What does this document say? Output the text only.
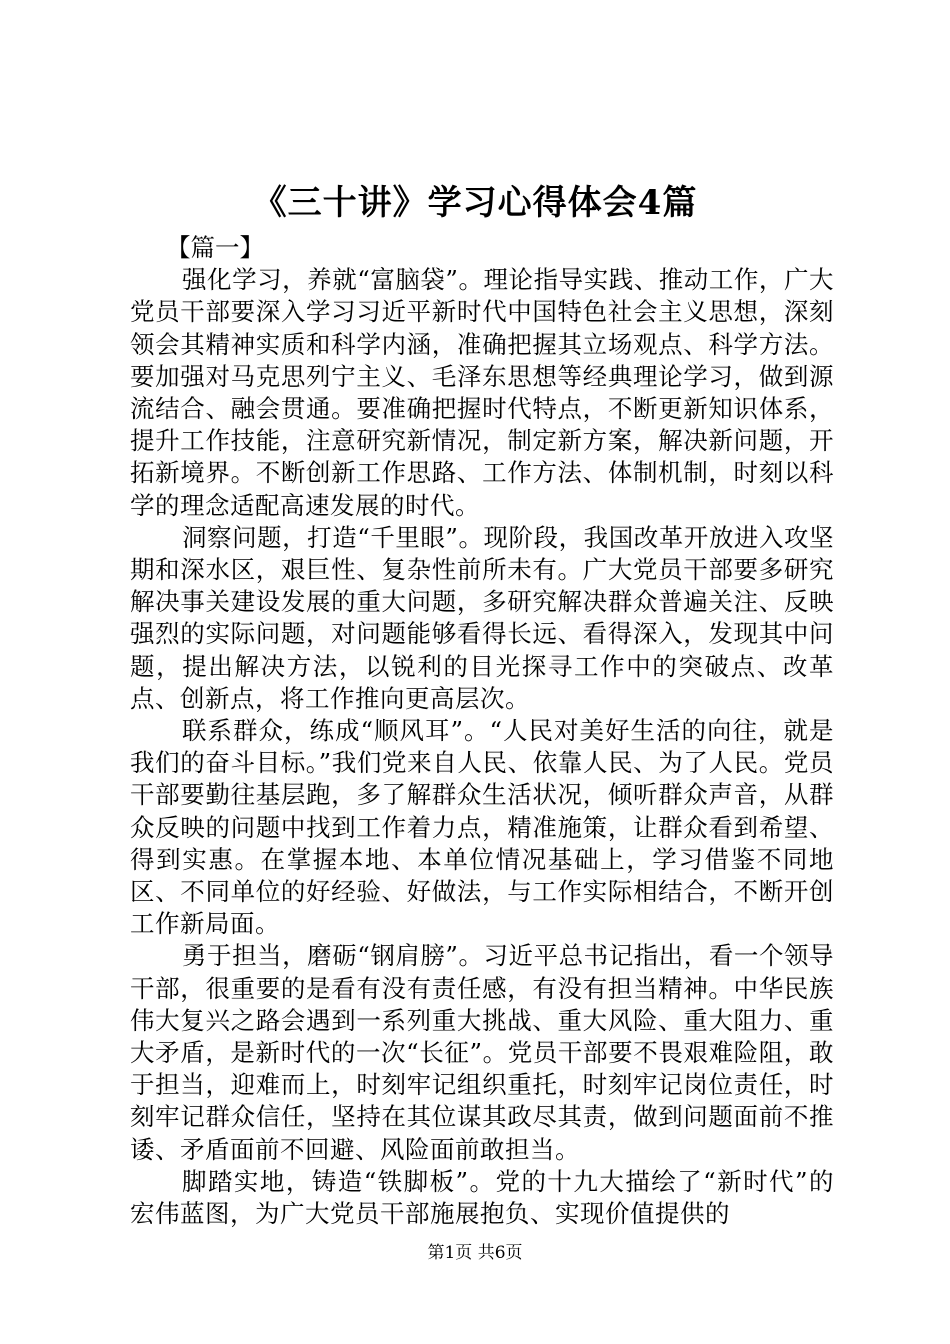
《三十讲》学习心得体会4篇

【篇一】

强化学习，养就“富脑袋”。理论指导实践、推动工作，广大党员干部要深入学习习近平新时代中国特色社会主义思想，深刻领会其精神实质和科学内涵，准确把握其立场观点、科学方法。要加强对马克思列宁主义、毛泽东思想等经典理论学习，做到源流结合、融会贯通。要准确把握时代特点，不断更新知识体系，提升工作技能，注意研究新情况，制定新方案，解决新问题，开拓新境界。不断创新工作思路、工作方法、体制机制，时刻以科学的理念适配高速发展的时代。

洞察问题，打造“千里眼”。现阶段，我国改革开放进入攻坚期和深水区，艰巨性、复杂性前所未有。广大党员干部要多研究解决事关建设发展的重大问题，多研究解决群众普遍关注、反映强烈的实际问题，对问题能够看得长远、看得深入，发现其中问题，提出解决方法，以锐利的目光探寻工作中的突破点、改革点、创新点，将工作推向更高层次。

联系群众，练成“顺风耳”。“人民对美好生活的向往，就是我们的奋斗目标。”我们党来自人民、依靠人民、为了人民。党员干部要勤往基层跑，多了解群众生活状况，倾听群众声音，从群众反映的问题中找到工作着力点，精准施策，让群众看到希望、得到实惠。在掌握本地、本单位情况基础上，学习借鉴不同地区、不同单位的好经验、好做法，与工作实际相结合，不断开创工作新局面。

勇于担当，磨砺“钢肩膀”。习近平总书记指出，看一个领导干部，很重要的是看有没有责任感，有没有担当精神。中华民族伟大复兴之路会遇到一系列重大挑战、重大风险、重大阻力、重大矛盾，是新时代的一次“长征”。党员干部要不畏艰难险阻，敢于担当，迎难而上，时刻牢记组织重托，时刻牢记岗位责任，时刻牢记群众信任，坚持在其位谋其政尽其责，做到问题面前不推诿、矛盾面前不回避、风险面前敢担当。

脚踏实地，铸造“铁脚板”。党的十九大描绘了“新时代”的宏伟蓝图，为广大党员干部施展抱负、实现价值提供的

第1页 共6页
